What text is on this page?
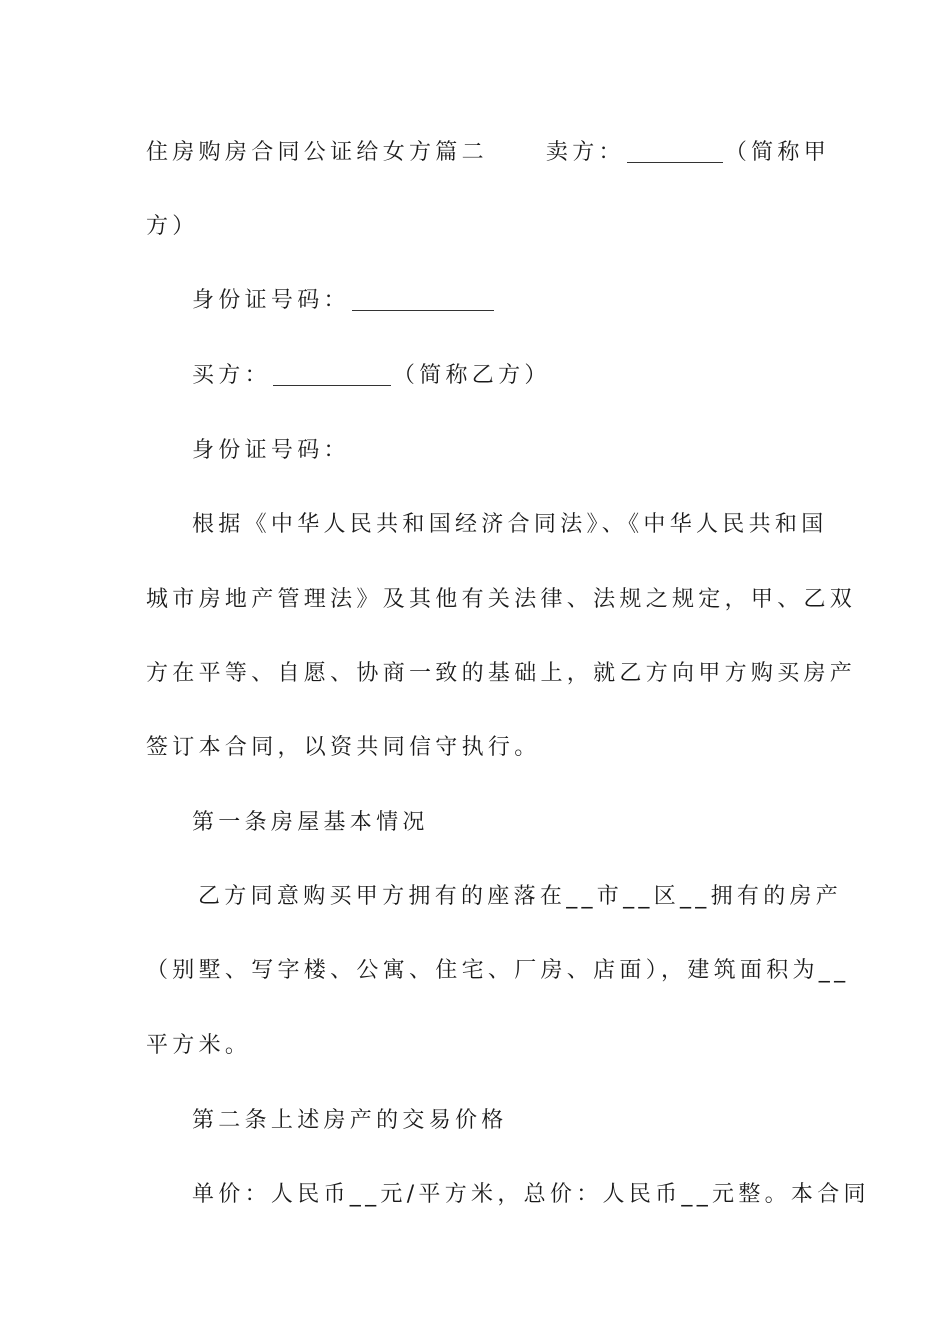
住房购房合同公证给女方篇二	卖方：	（简称甲
方）
身份证号码：
买方：	（简称乙方）
身份证号码：
根据《中华人民共和国经济合同法》、《中华人民共和国
城市房地产管理法》及其他有关法律、法规之规定，甲、乙双
方在平等、自愿、协商一致的基础上，就乙方向甲方购买房产
签订本合同，以资共同信守执行。
第一条房屋基本情况
乙方同意购买甲方拥有的座落在__市__区__拥有的房产
（别墅、写字楼、公寓、住宅、厂房、店面），建筑面积为__
平方米。
第二条上述房产的交易价格
单价：人民币__元/平方米，总价：人民币__元整。本合同
